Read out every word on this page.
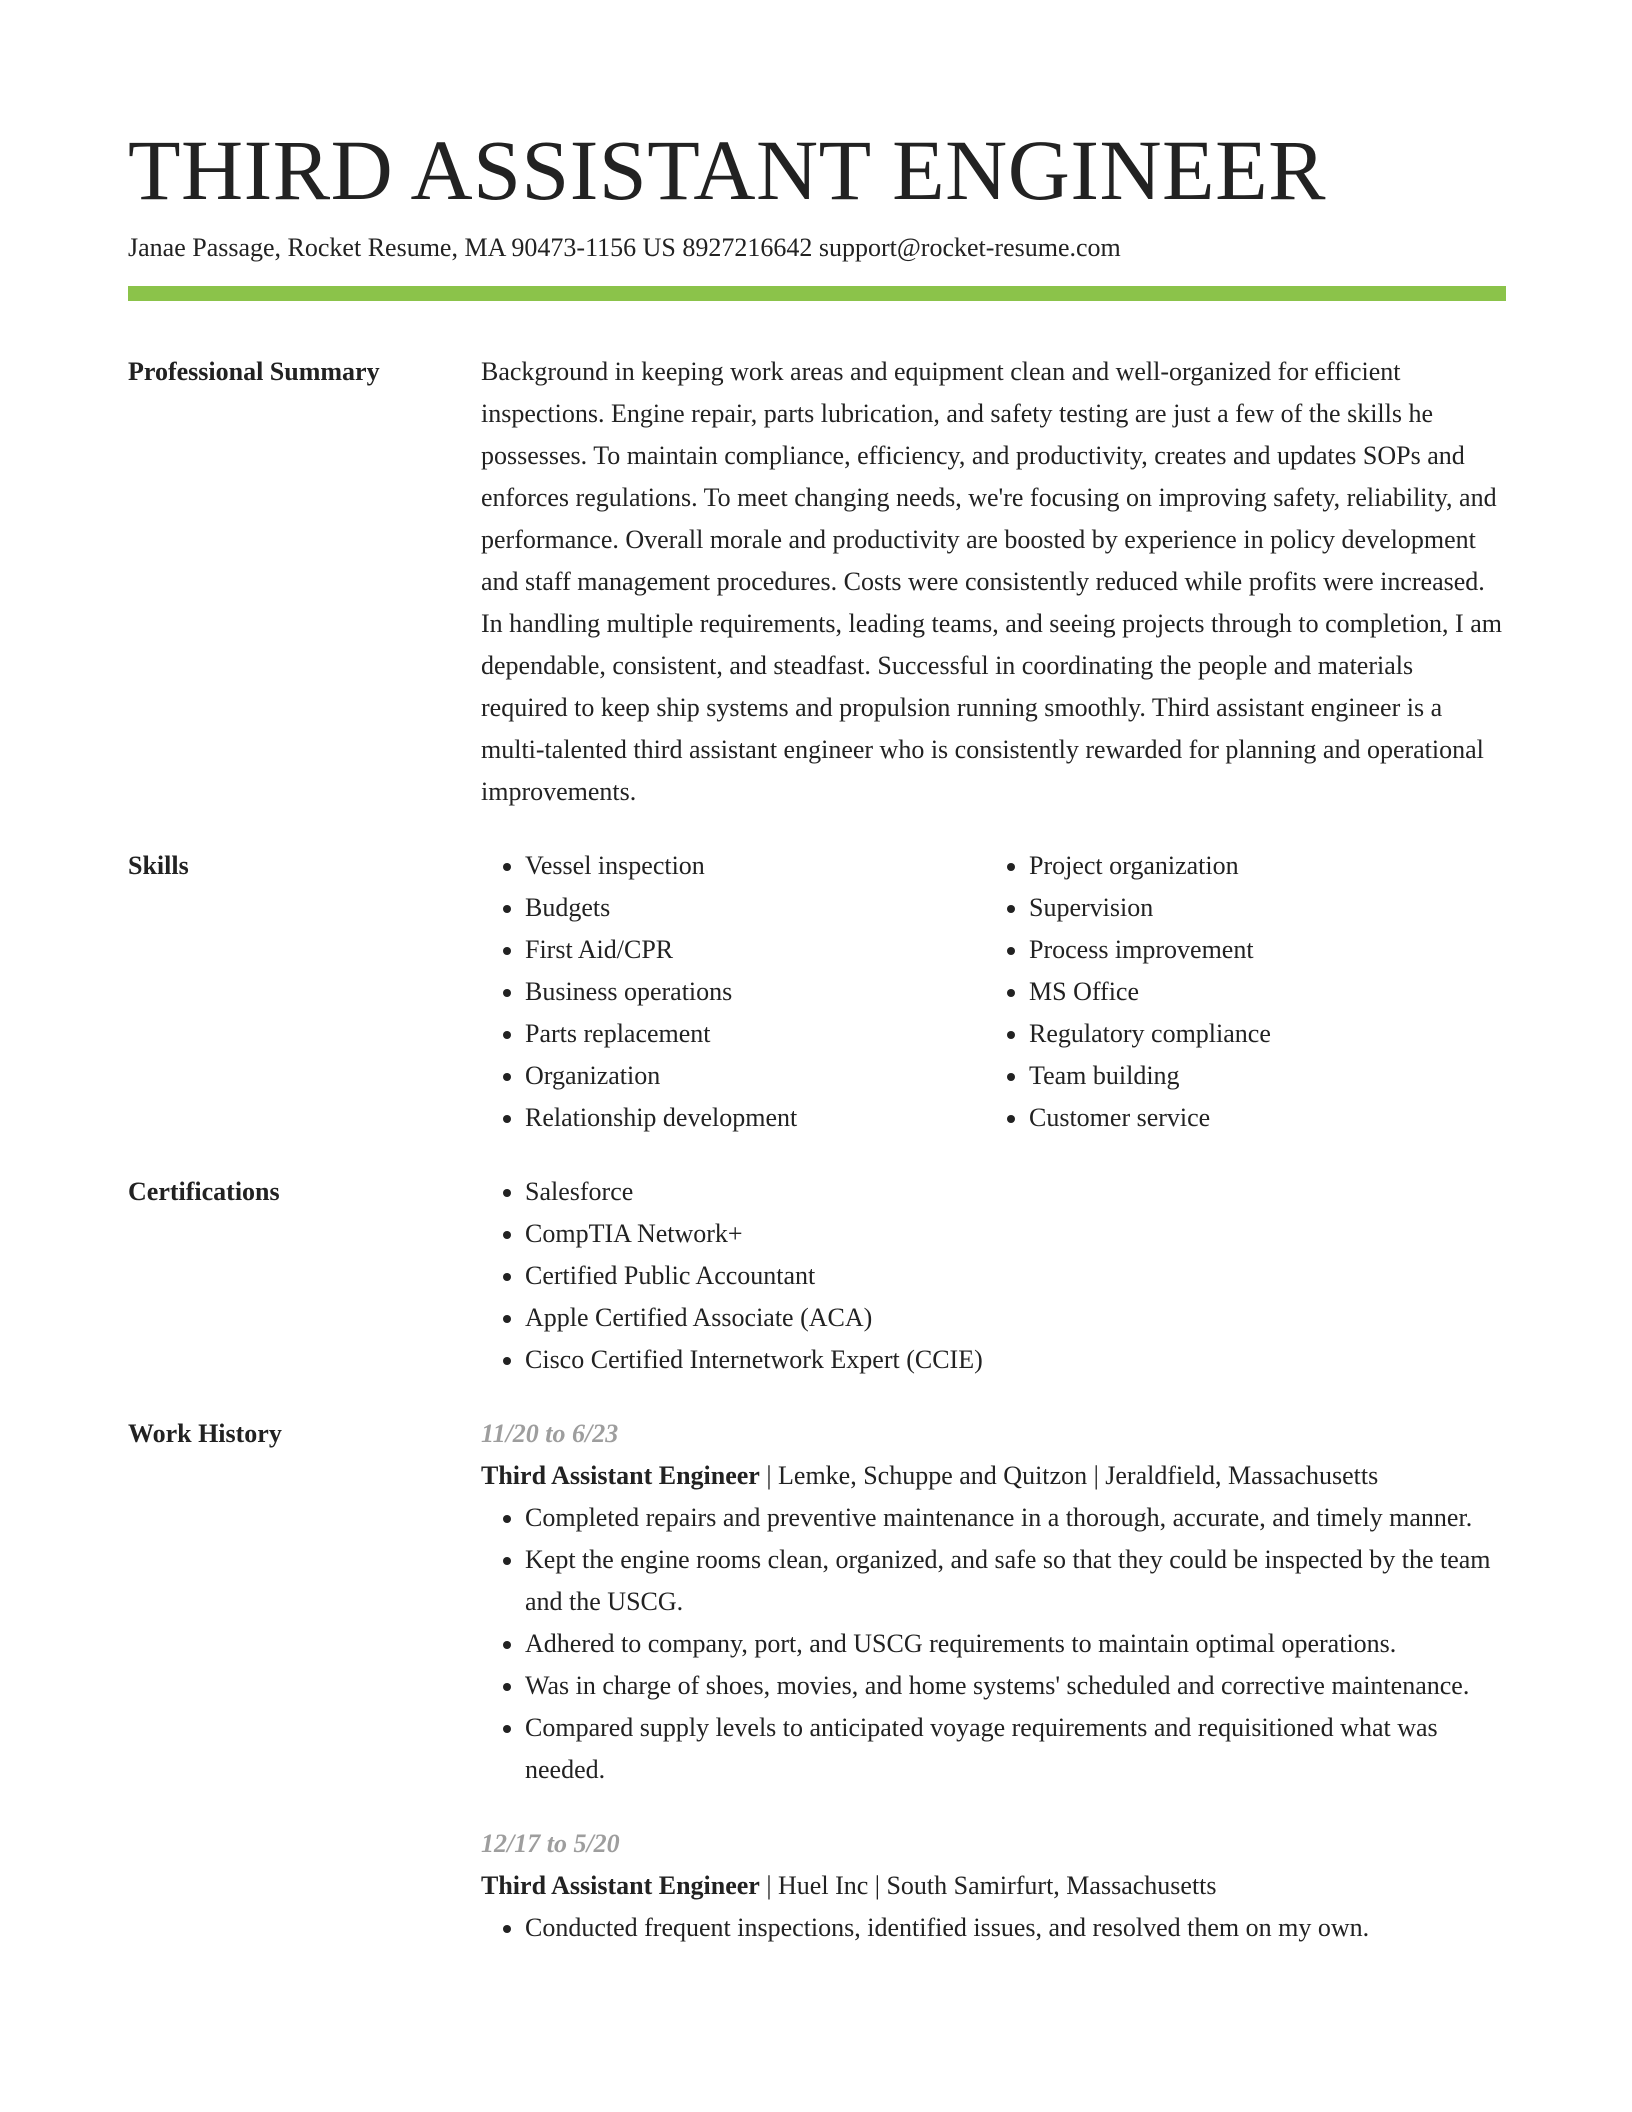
THIRD ASSISTANT ENGINEER
Janae Passage, Rocket Resume, MA 90473-1156 US 8927216642 support@rocket-resume.com
Professional Summary	Background in keeping work areas and equipment clean and well-organized for efficient inspections. Engine repair, parts lubrication, and safety testing are just a few of the skills he possesses. To maintain compliance, efficiency, and productivity, creates and updates SOPs and enforces regulations. To meet changing needs, we're focusing on improving safety, reliability, and performance. Overall morale and productivity are boosted by experience in policy development and staff management procedures. Costs were consistently reduced while profits were increased. In handling multiple requirements, leading teams, and seeing projects through to completion, I am dependable, consistent, and steadfast. Successful in coordinating the people and materials required to keep ship systems and propulsion running smoothly. Third assistant engineer is a multi-talented third assistant engineer who is consistently rewarded for planning and operational improvements.
Skills	• Vessel inspection
• Budgets
• First Aid/CPR
• Business operations
• Parts replacement
• Organization
• Relationship development
• Project organization
• Supervision
• Process improvement
• MS Office
• Regulatory compliance
• Team building
• Customer service
Certifications	• Salesforce
• CompTIA Network+
• Certified Public Accountant
• Apple Certified Associate (ACA)
• Cisco Certified Internetwork Expert (CCIE)
Work History	11/20 to 6/23
Third Assistant Engineer | Lemke, Schuppe and Quitzon | Jeraldfield, Massachusetts
• Completed repairs and preventive maintenance in a thorough, accurate, and timely manner.
• Kept the engine rooms clean, organized, and safe so that they could be inspected by the team and the USCG.
• Adhered to company, port, and USCG requirements to maintain optimal operations.
• Was in charge of shoes, movies, and home systems' scheduled and corrective maintenance.
• Compared supply levels to anticipated voyage requirements and requisitioned what was needed.
12/17 to 5/20
Third Assistant Engineer | Huel Inc | South Samirfurt, Massachusetts
• Conducted frequent inspections, identified issues, and resolved them on my own.
